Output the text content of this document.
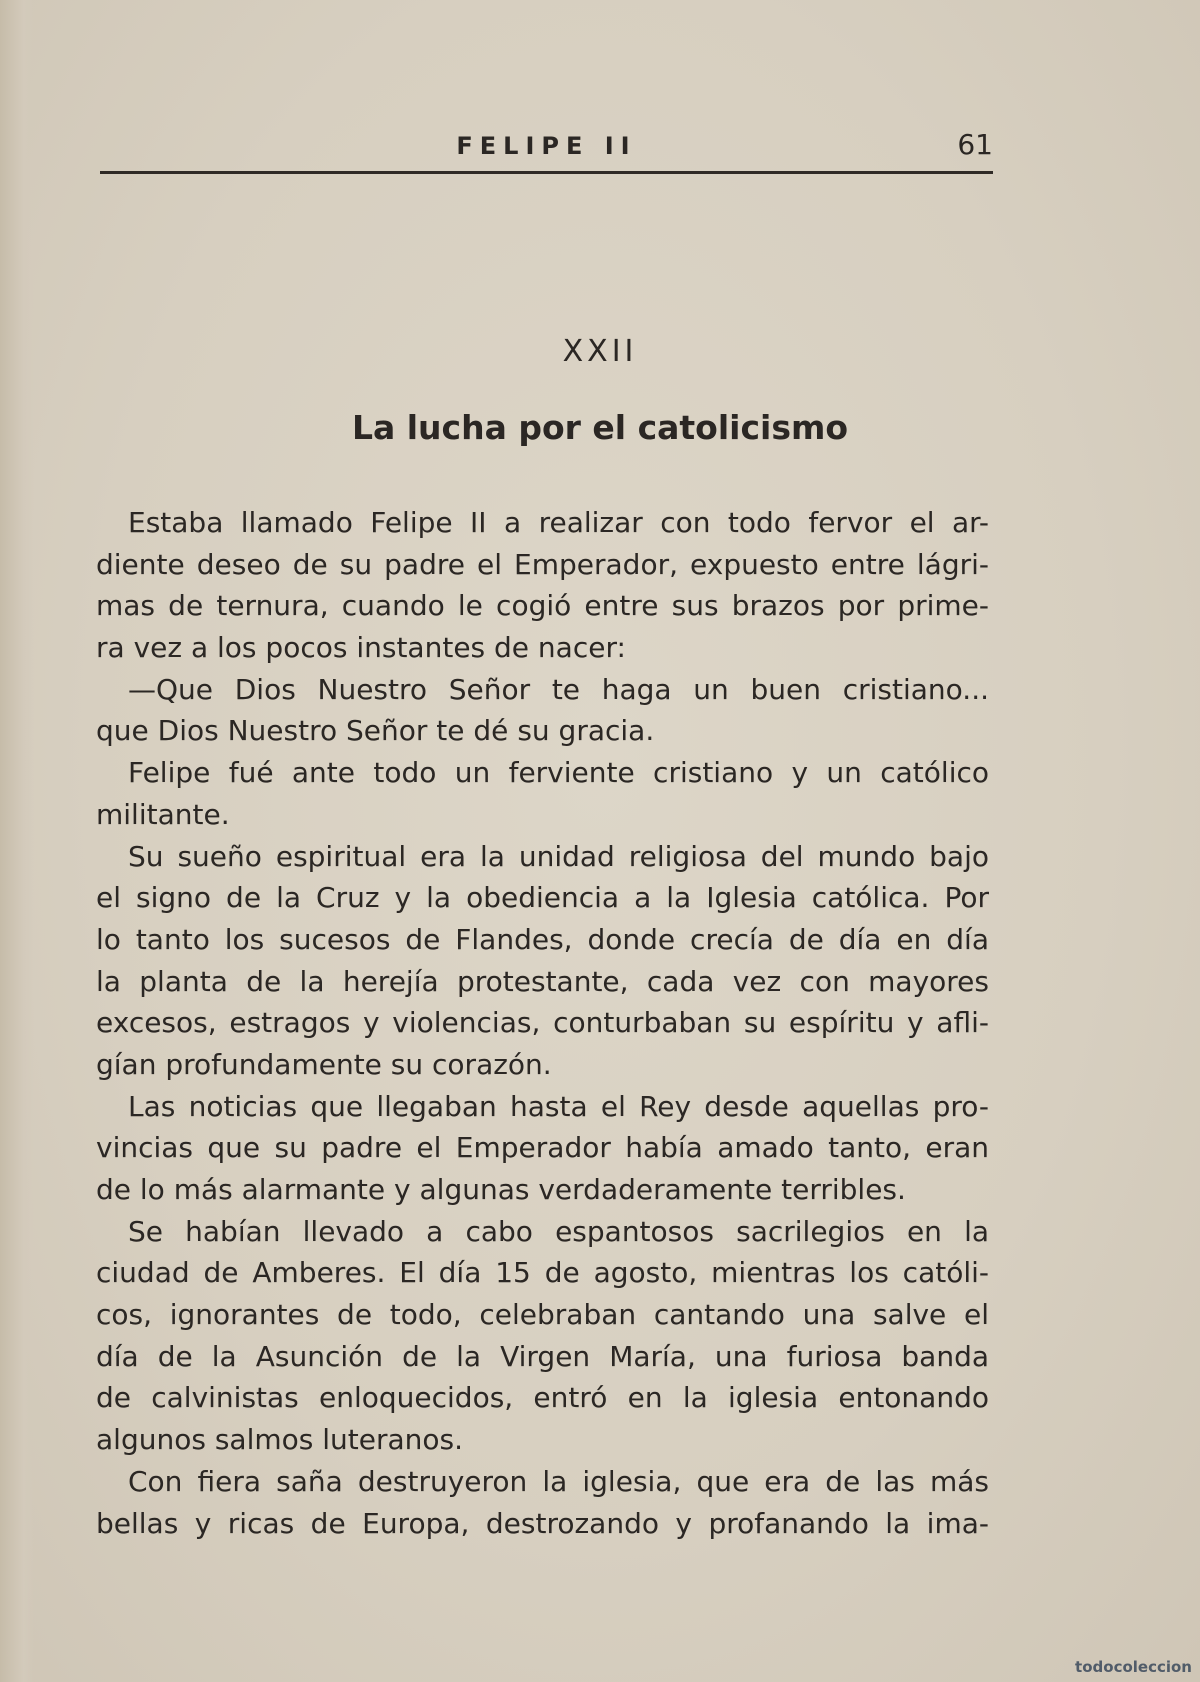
FELIPE II	61
XXII
La lucha por el catolicismo
Estaba llamado Felipe II a realizar con todo fervor el ar-
diente deseo de su padre el Emperador, expuesto entre lágri-
mas de ternura, cuando le cogió entre sus brazos por prime-
ra vez a los pocos instantes de nacer:
—Que Dios Nuestro Señor te haga un buen cristiano...
que Dios Nuestro Señor te dé su gracia.
Felipe fué ante todo un ferviente cristiano y un católico
militante.
Su sueño espiritual era la unidad religiosa del mundo bajo
el signo de la Cruz y la obediencia a la Iglesia católica. Por
lo tanto los sucesos de Flandes, donde crecía de día en día
la planta de la herejía protestante, cada vez con mayores
excesos, estragos y violencias, conturbaban su espíritu y afli-
gían profundamente su corazón.
Las noticias que llegaban hasta el Rey desde aquellas pro-
vincias que su padre el Emperador había amado tanto, eran
de lo más alarmante y algunas verdaderamente terribles.
Se habían llevado a cabo espantosos sacrilegios en la
ciudad de Amberes. El día 15 de agosto, mientras los católi-
cos, ignorantes de todo, celebraban cantando una salve el
día de la Asunción de la Virgen María, una furiosa banda
de calvinistas enloquecidos, entró en la iglesia entonando
algunos salmos luteranos.
Con fiera saña destruyeron la iglesia, que era de las más
bellas y ricas de Europa, destrozando y profanando la ima-
todocoleccion
